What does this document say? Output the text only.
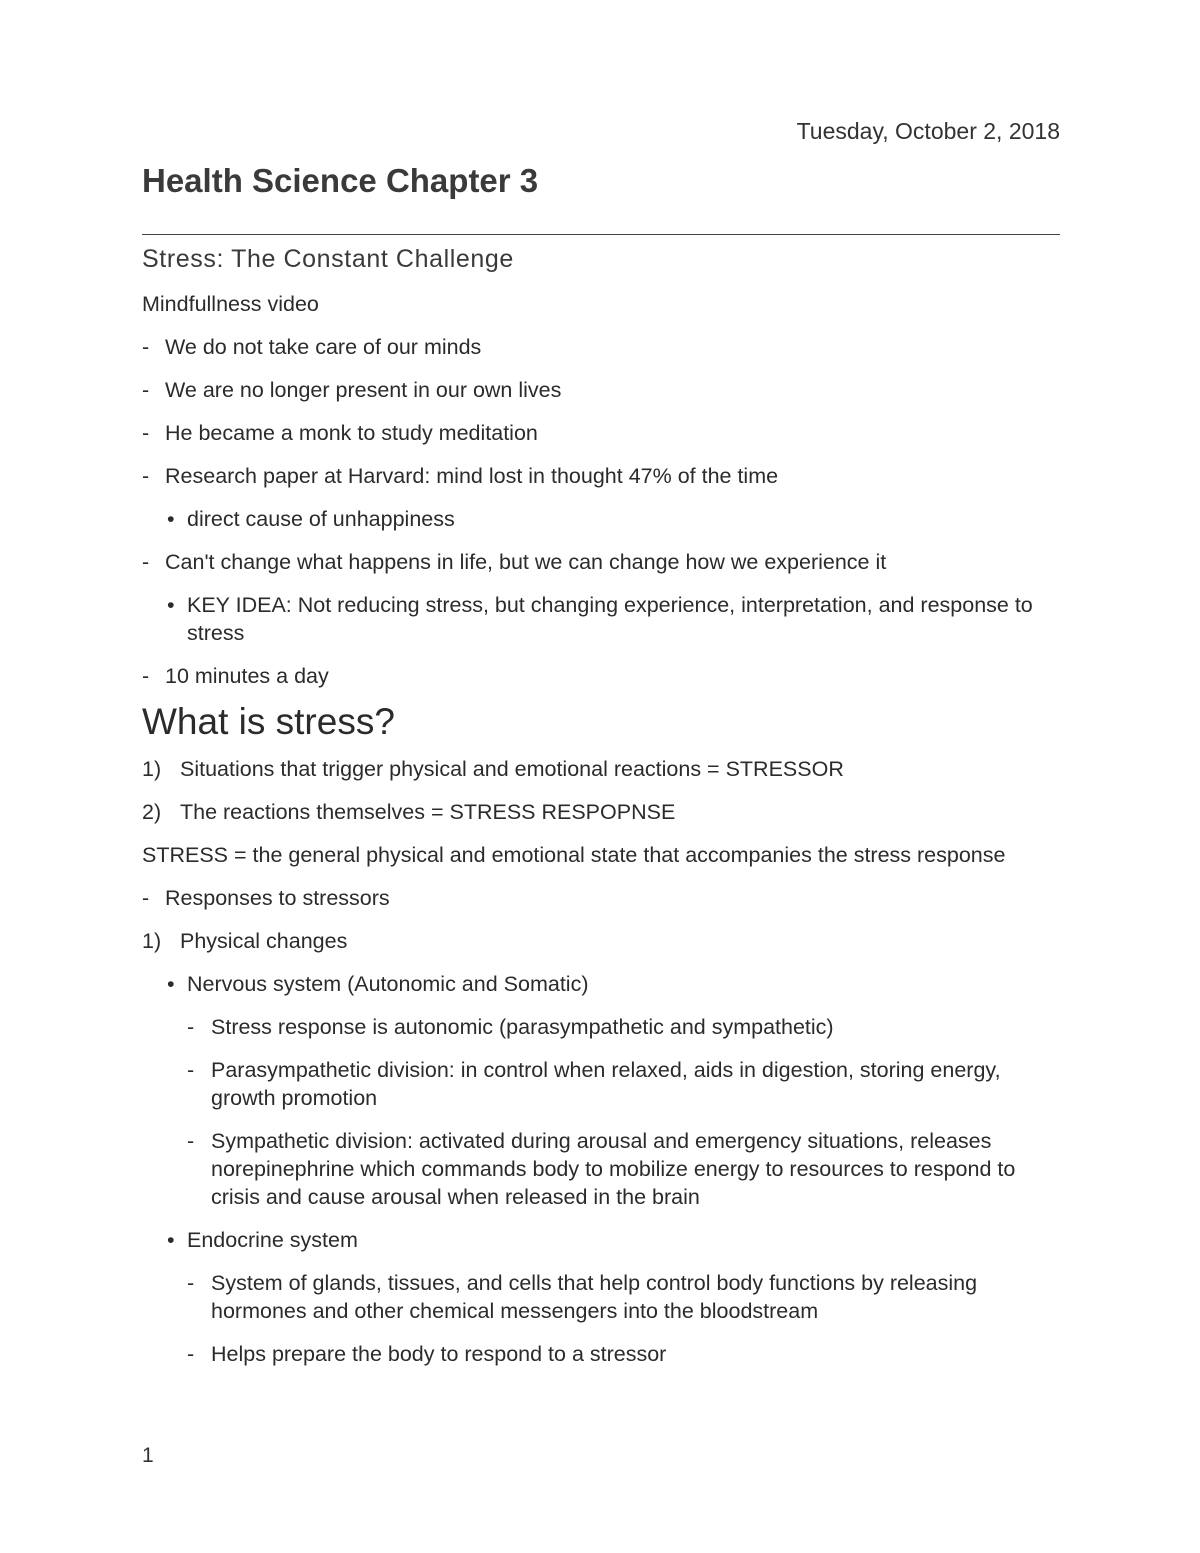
Tuesday, October 2, 2018
Health Science Chapter 3
Stress: The Constant Challenge
Mindfullness video
- We do not take care of our minds
- We are no longer present in our own lives
- He became a monk to study meditation
- Research paper at Harvard: mind lost in thought 47% of the time
• direct cause of unhappiness
- Can't change what happens in life, but we can change how we experience it
• KEY IDEA: Not reducing stress, but changing experience, interpretation, and response to stress
- 10 minutes a day
What is stress?
1) Situations that trigger physical and emotional reactions = STRESSOR
2) The reactions themselves = STRESS RESPOPNSE
STRESS = the general physical and emotional state that accompanies the stress response
- Responses to stressors
1) Physical changes
• Nervous system (Autonomic and Somatic)
- Stress response is autonomic (parasympathetic and sympathetic)
- Parasympathetic division: in control when relaxed, aids in digestion, storing energy, growth promotion
- Sympathetic division: activated during arousal and emergency situations, releases norepinephrine which commands body to mobilize energy to resources to respond to crisis and cause arousal when released in the brain
• Endocrine system
- System of glands, tissues, and cells that help control body functions by releasing hormones and other chemical messengers into the bloodstream
- Helps prepare the body to respond to a stressor
1
